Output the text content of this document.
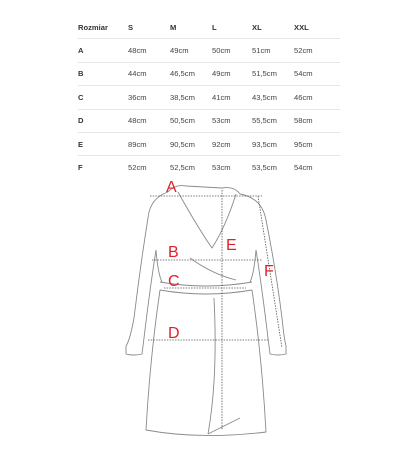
Rozmiar	S	M	L	XL	XXL
A	48cm	49cm	50cm	51cm	52cm
B	44cm	46,5cm	49cm	51,5cm	54cm
C	36cm	38,5cm	41cm	43,5cm	46cm
D	48cm	50,5cm	53cm	55,5cm	58cm
E	89cm	90,5cm	92cm	93,5cm	95cm
F	52cm	52,5cm	53cm	53,5cm	54cm
A
B
C
D
E
F
